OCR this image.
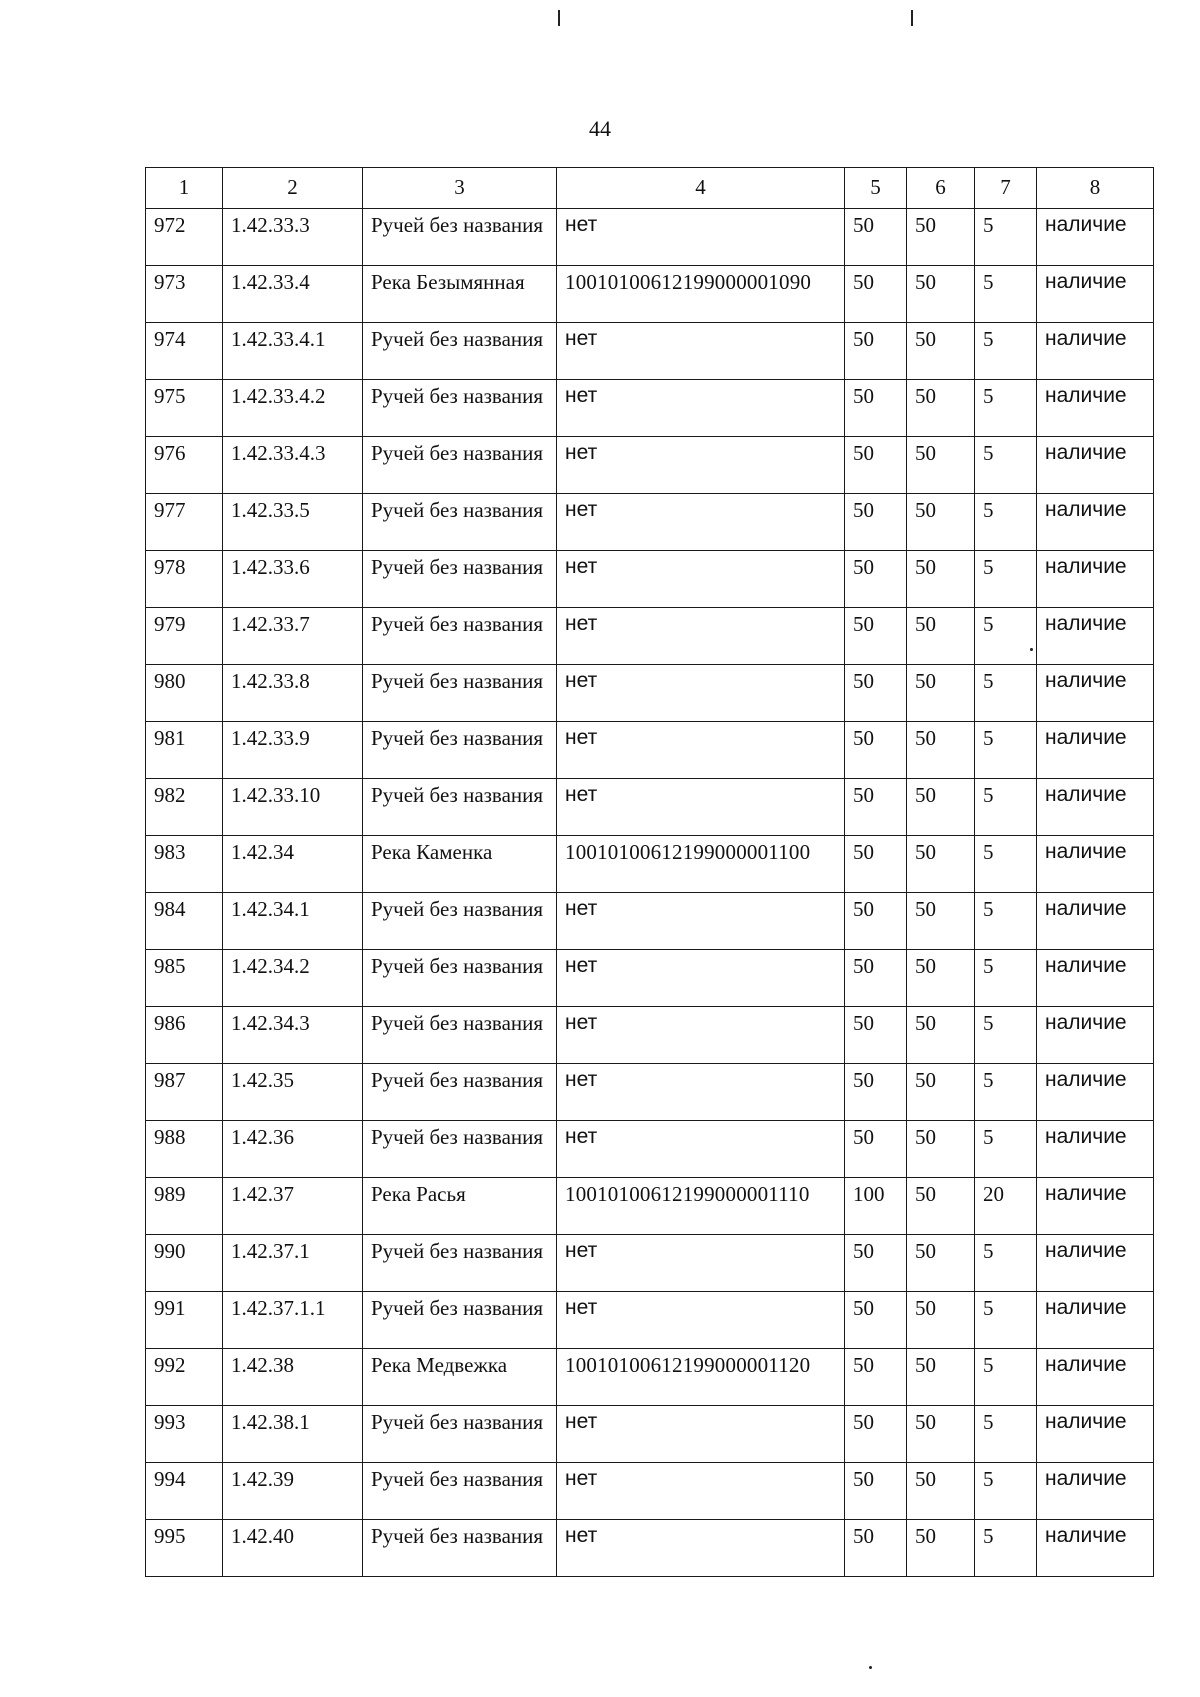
44
1	2	3	4	5	6	7	8
972	1.42.33.3	Ручей без названия	нет	50	50	5	наличие
973	1.42.33.4	Река Безымянная	10010100612199000001090	50	50	5	наличие
974	1.42.33.4.1	Ручей без названия	нет	50	50	5	наличие
975	1.42.33.4.2	Ручей без названия	нет	50	50	5	наличие
976	1.42.33.4.3	Ручей без названия	нет	50	50	5	наличие
977	1.42.33.5	Ручей без названия	нет	50	50	5	наличие
978	1.42.33.6	Ручей без названия	нет	50	50	5	наличие
979	1.42.33.7	Ручей без названия	нет	50	50	5	наличие
980	1.42.33.8	Ручей без названия	нет	50	50	5	наличие
981	1.42.33.9	Ручей без названия	нет	50	50	5	наличие
982	1.42.33.10	Ручей без названия	нет	50	50	5	наличие
983	1.42.34	Река Каменка	10010100612199000001100	50	50	5	наличие
984	1.42.34.1	Ручей без названия	нет	50	50	5	наличие
985	1.42.34.2	Ручей без названия	нет	50	50	5	наличие
986	1.42.34.3	Ручей без названия	нет	50	50	5	наличие
987	1.42.35	Ручей без названия	нет	50	50	5	наличие
988	1.42.36	Ручей без названия	нет	50	50	5	наличие
989	1.42.37	Река Расья	10010100612199000001110	100	50	20	наличие
990	1.42.37.1	Ручей без названия	нет	50	50	5	наличие
991	1.42.37.1.1	Ручей без названия	нет	50	50	5	наличие
992	1.42.38	Река Медвежка	10010100612199000001120	50	50	5	наличие
993	1.42.38.1	Ручей без названия	нет	50	50	5	наличие
994	1.42.39	Ручей без названия	нет	50	50	5	наличие
995	1.42.40	Ручей без названия	нет	50	50	5	наличие
